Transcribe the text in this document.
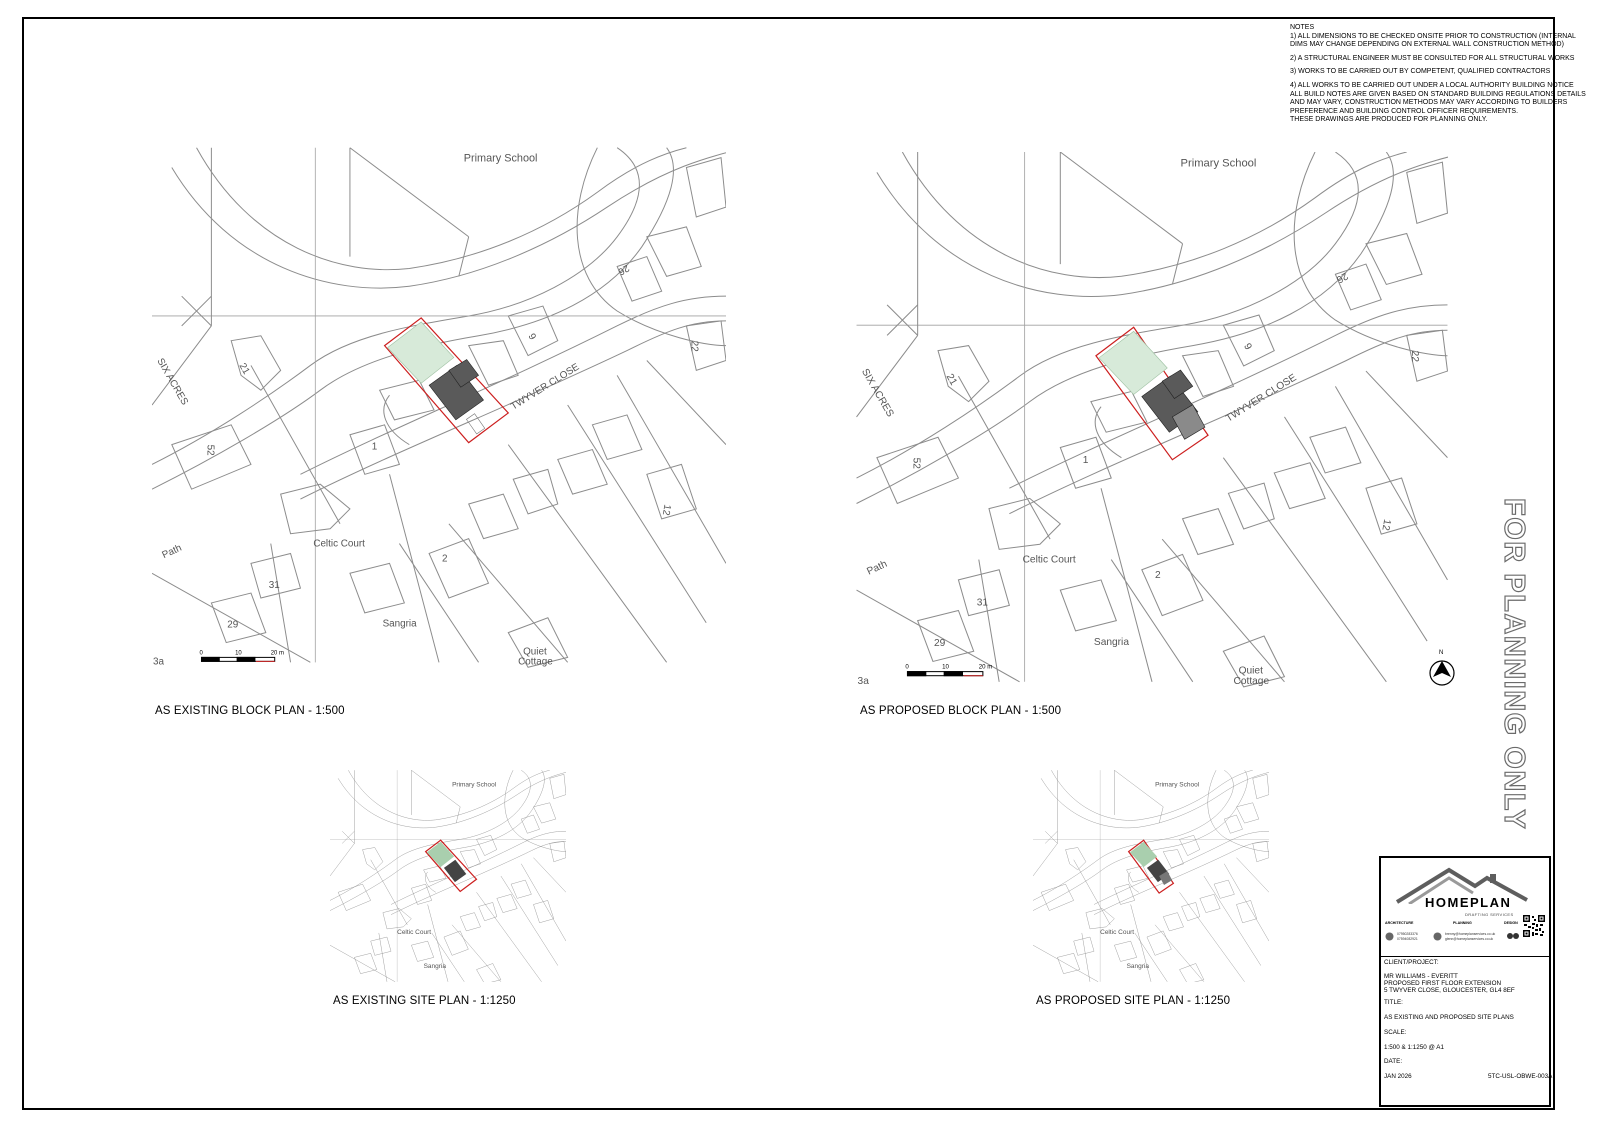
NOTES
1) ALL DIMENSIONS TO BE CHECKED ONSITE PRIOR TO CONSTRUCTION (INTERNAL
DIMS MAY CHANGE DEPENDING ON EXTERNAL WALL CONSTRUCTION METHOD)
2) A STRUCTURAL ENGINEER MUST BE CONSULTED FOR ALL STRUCTURAL WORKS
3) WORKS TO BE CARRIED OUT BY COMPETENT, QUALIFIED CONTRACTORS
4) ALL WORKS TO BE CARRIED OUT UNDER A LOCAL AUTHORITY BUILDING NOTICE
ALL BUILD NOTES ARE GIVEN BASED ON STANDARD BUILDING REGULATIONS DETAILS
AND MAY VARY, CONSTRUCTION METHODS MAY VARY ACCORDING TO BUILDERS
PREFERENCE AND BUILDING CONTROL OFFICER REQUIREMENTS.
THESE DRAWINGS ARE PRODUCED FOR PLANNING ONLY.
Primary School
SIX ACRES	TWYVER CLOSE
Celtic Court
Sangria
Quiet
Cottage
Path
21
52
9
26
22
1
2
12
31
29
3a
0	10	20 m
AS EXISTING BLOCK PLAN - 1:500
Primary School
SIX ACRES	TWYVER CLOSE
Celtic Court
Sangria
Quiet
Cottage
Path
21
52
9
26
22
1
2
12
31
29
3a
0	10	20 m
AS PROPOSED BLOCK PLAN - 1:500
N
Primary School
Celtic Court
Sangria
AS EXISTING SITE PLAN - 1:1250
Primary School
Celtic Court
Sangria
AS PROPOSED SITE PLAN - 1:1250
FOR PLANNING ONLY
HOMEPLAN
DRAFTING SERVICES
ARCHITECTURE	PLANNING	DESIGN
07950283376
07594082921
brenny@homeplanservices.co.uk
glenn@homeplanservices.co.uk
CLIENT/PROJECT:
MR WILLIAMS - EVERITT
PROPOSED FIRST FLOOR EXTENSION
5 TWYVER CLOSE, GLOUCESTER, GL4 8EF
TITLE:
AS EXISTING AND PROPOSED SITE PLANS
SCALE:
1:500 & 1:1250 @ A1
DATE:
JAN 2026	5TC-USL-OBWE-003A
